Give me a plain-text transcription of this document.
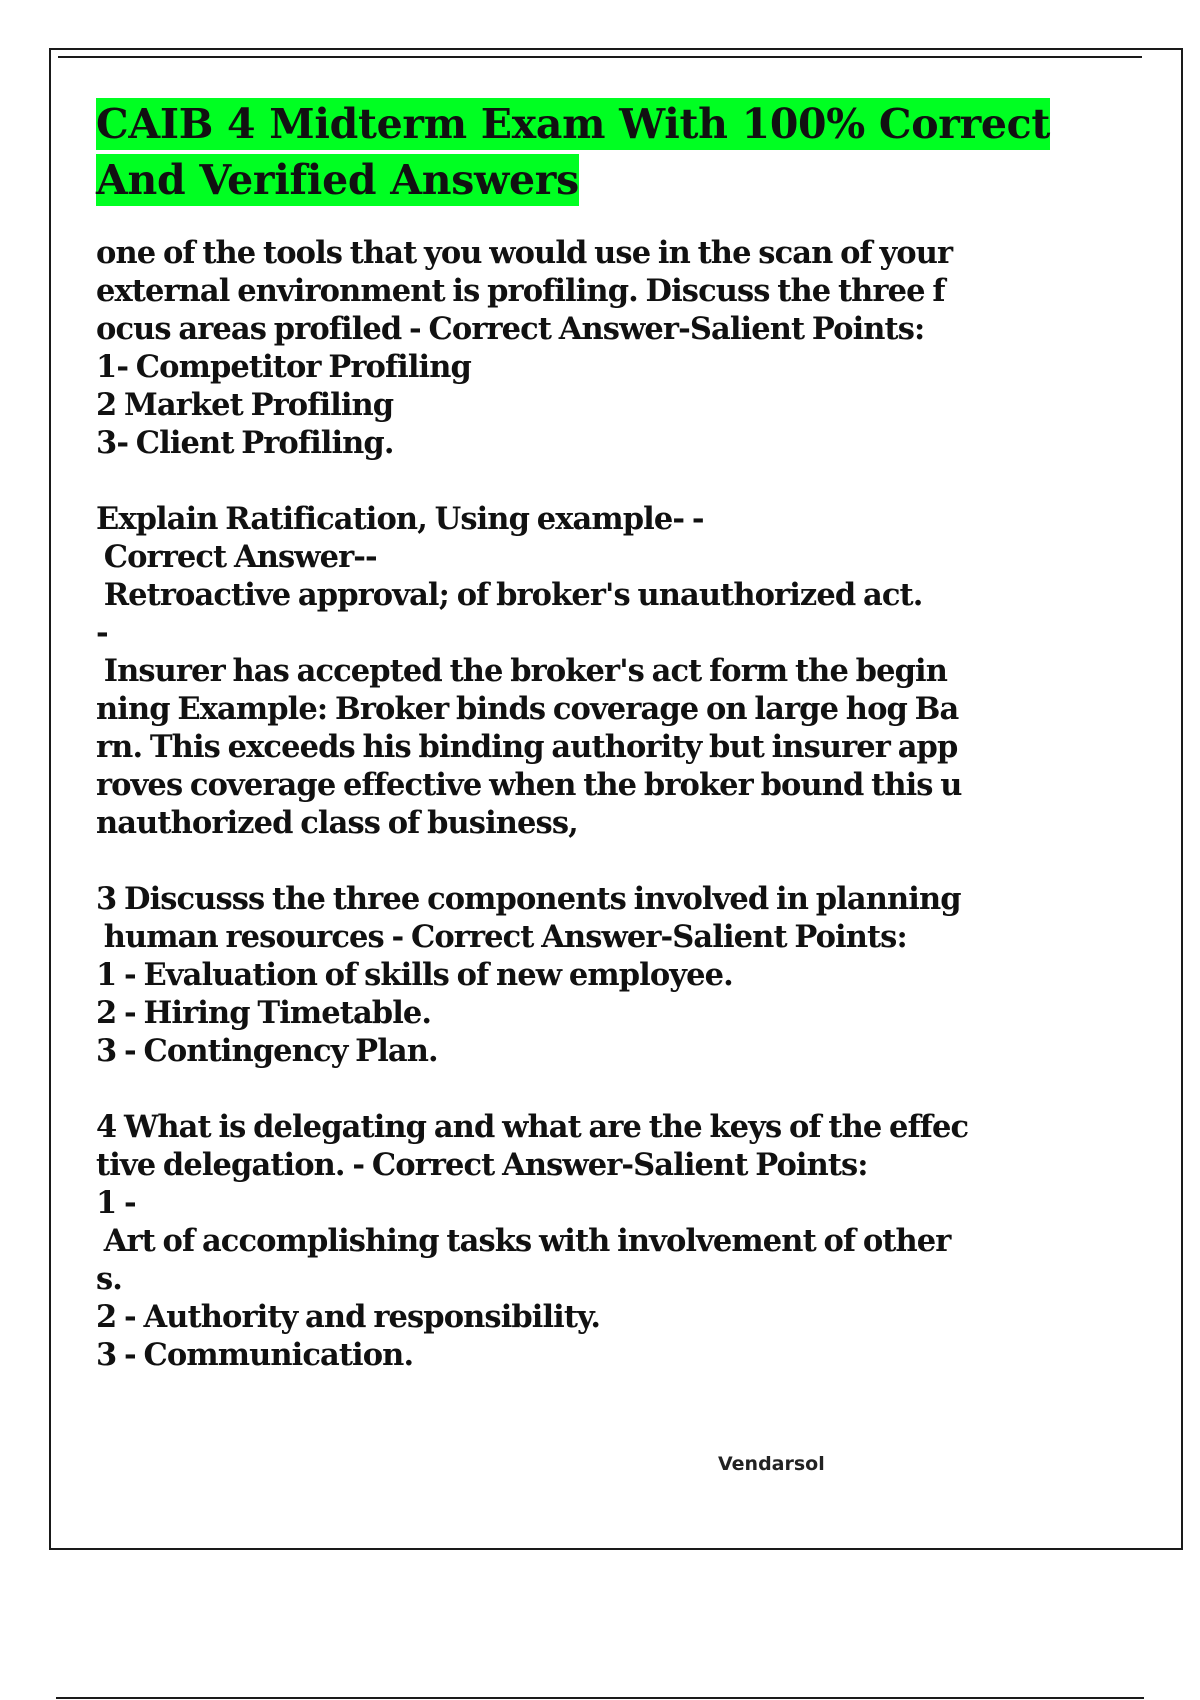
CAIB 4 Midterm Exam With 100% Correct
And Verified Answers
one of the tools that you would use in the scan of your
external environment is profiling. Discuss the three f
ocus areas profiled - Correct Answer-Salient Points:
1- Competitor Profiling
2 Market Profiling
3- Client Profiling.
Explain Ratification, Using example- -
Correct Answer--
Retroactive approval; of broker's unauthorized act.
-
Insurer has accepted the broker's act form the begin
ning Example: Broker binds coverage on large hog Ba
rn. This exceeds his binding authority but insurer app
roves coverage effective when the broker bound this u
nauthorized class of business,
3 Discusss the three components involved in planning
human resources - Correct Answer-Salient Points:
1 - Evaluation of skills of new employee.
2 - Hiring Timetable.
3 - Contingency Plan.
4 What is delegating and what are the keys of the effec
tive delegation. - Correct Answer-Salient Points:
1 -
Art of accomplishing tasks with involvement of other
s.
2 - Authority and responsibility.
3 - Communication.
Vendarsol
